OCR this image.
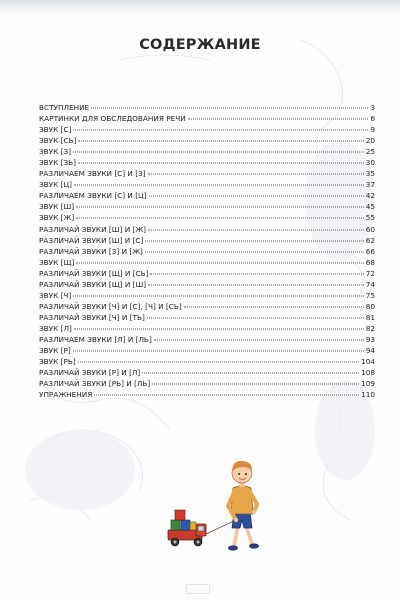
СОДЕРЖАНИЕ
ВСТУПЛЕНИЕ	3
КАРТИНКИ ДЛЯ ОБСЛЕДОВАНИЯ РЕЧИ	6
ЗВУК [С]	9
ЗВУК [СЬ]	20
ЗВУК [З]	25
ЗВУК [ЗЬ]	30
РАЗЛИЧАЕМ ЗВУКИ [С] И [З]	35
ЗВУК [Ц]	37
РАЗЛИЧАЕМ ЗВУКИ [С] И [Ц]	42
ЗВУК [Ш]	45
ЗВУК [Ж]	55
РАЗЛИЧАЙ ЗВУКИ [Ш] И [Ж]	60
РАЗЛИЧАЙ ЗВУКИ [Ш] И [С]	62
РАЗЛИЧАЙ ЗВУКИ [З] И [Ж]	66
ЗВУК [Щ]	68
РАЗЛИЧАЙ ЗВУКИ [Щ] И [СЬ]	72
РАЗЛИЧАЙ ЗВУКИ [Щ] И [Ш]	74
ЗВУК [Ч]	75
РАЗЛИЧАЙ ЗВУКИ [Ч] И [С], [Ч] И [СЬ]	80
РАЗЛИЧАЙ ЗВУКИ [Ч] И [ТЬ]	81
ЗВУК [Л]	82
РАЗЛИЧАЕМ ЗВУКИ [Л] И [ЛЬ]	93
ЗВУК [Р]	94
ЗВУК [РЬ]	104
РАЗЛИЧАЙ ЗВУКИ [Р] И [Л]	108
РАЗЛИЧАЙ ЗВУКИ [РЬ] И [ЛЬ]	109
УПРАЖНЕНИЯ	110
